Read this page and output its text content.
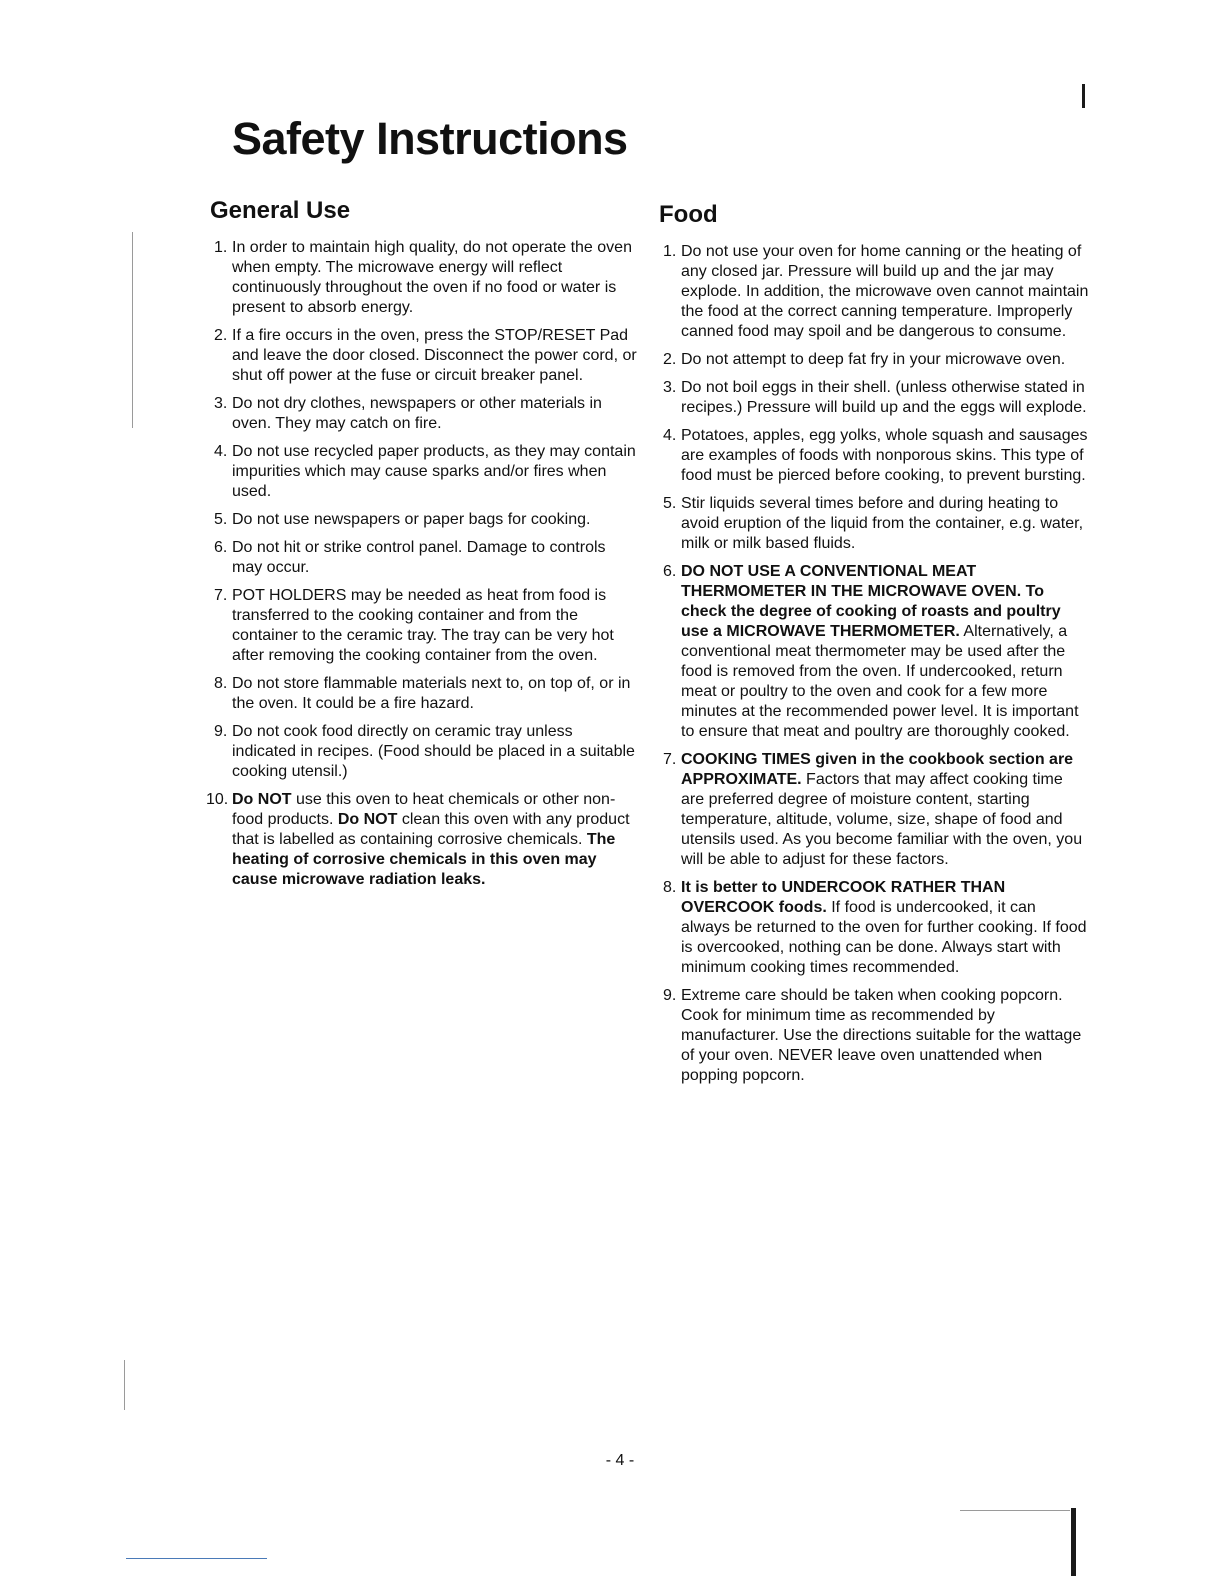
Safety Instructions
General Use
1. In order to maintain high quality, do not operate the oven when empty. The microwave energy will reflect continuously throughout the oven if no food or water is present to absorb energy.
2. If a fire occurs in the oven, press the STOP/RESET Pad and leave the door closed. Disconnect the power cord, or shut off power at the fuse or circuit breaker panel.
3. Do not dry clothes, newspapers or other materials in oven. They may catch on fire.
4. Do not use recycled paper products, as they may contain impurities which may cause sparks and/or fires when used.
5. Do not use newspapers or paper bags for cooking.
6. Do not hit or strike control panel. Damage to controls may occur.
7. POT HOLDERS may be needed as heat from food is transferred to the cooking container and from the container to the ceramic tray. The tray can be very hot after removing the cooking container from the oven.
8. Do not store flammable materials next to, on top of, or in the oven. It could be a fire hazard.
9. Do not cook food directly on ceramic tray unless indicated in recipes. (Food should be placed in a suitable cooking utensil.)
10. Do NOT use this oven to heat chemicals or other non-food products. Do NOT clean this oven with any product that is labelled as containing corrosive chemicals. The heating of corrosive chemicals in this oven may cause microwave radiation leaks.
Food
1. Do not use your oven for home canning or the heating of any closed jar. Pressure will build up and the jar may explode. In addition, the microwave oven cannot maintain the food at the correct canning temperature. Improperly canned food may spoil and be dangerous to consume.
2. Do not attempt to deep fat fry in your microwave oven.
3. Do not boil eggs in their shell. (unless otherwise stated in recipes.) Pressure will build up and the eggs will explode.
4. Potatoes, apples, egg yolks, whole squash and sausages are examples of foods with nonporous skins. This type of food must be pierced before cooking, to prevent bursting.
5. Stir liquids several times before and during heating to avoid eruption of the liquid from the container, e.g. water, milk or milk based fluids.
6. DO NOT USE A CONVENTIONAL MEAT THERMOMETER IN THE MICROWAVE OVEN. To check the degree of cooking of roasts and poultry use a MICROWAVE THERMOMETER. Alternatively, a conventional meat thermometer may be used after the food is removed from the oven. If undercooked, return meat or poultry to the oven and cook for a few more minutes at the recommended power level. It is important to ensure that meat and poultry are thoroughly cooked.
7. COOKING TIMES given in the cookbook section are APPROXIMATE. Factors that may affect cooking time are preferred degree of moisture content, starting temperature, altitude, volume, size, shape of food and utensils used. As you become familiar with the oven, you will be able to adjust for these factors.
8. It is better to UNDERCOOK RATHER THAN OVERCOOK foods. If food is undercooked, it can always be returned to the oven for further cooking. If food is overcooked, nothing can be done. Always start with minimum cooking times recommended.
9. Extreme care should be taken when cooking popcorn. Cook for minimum time as recommended by manufacturer. Use the directions suitable for the wattage of your oven. NEVER leave oven unattended when popping popcorn.
- 4 -
